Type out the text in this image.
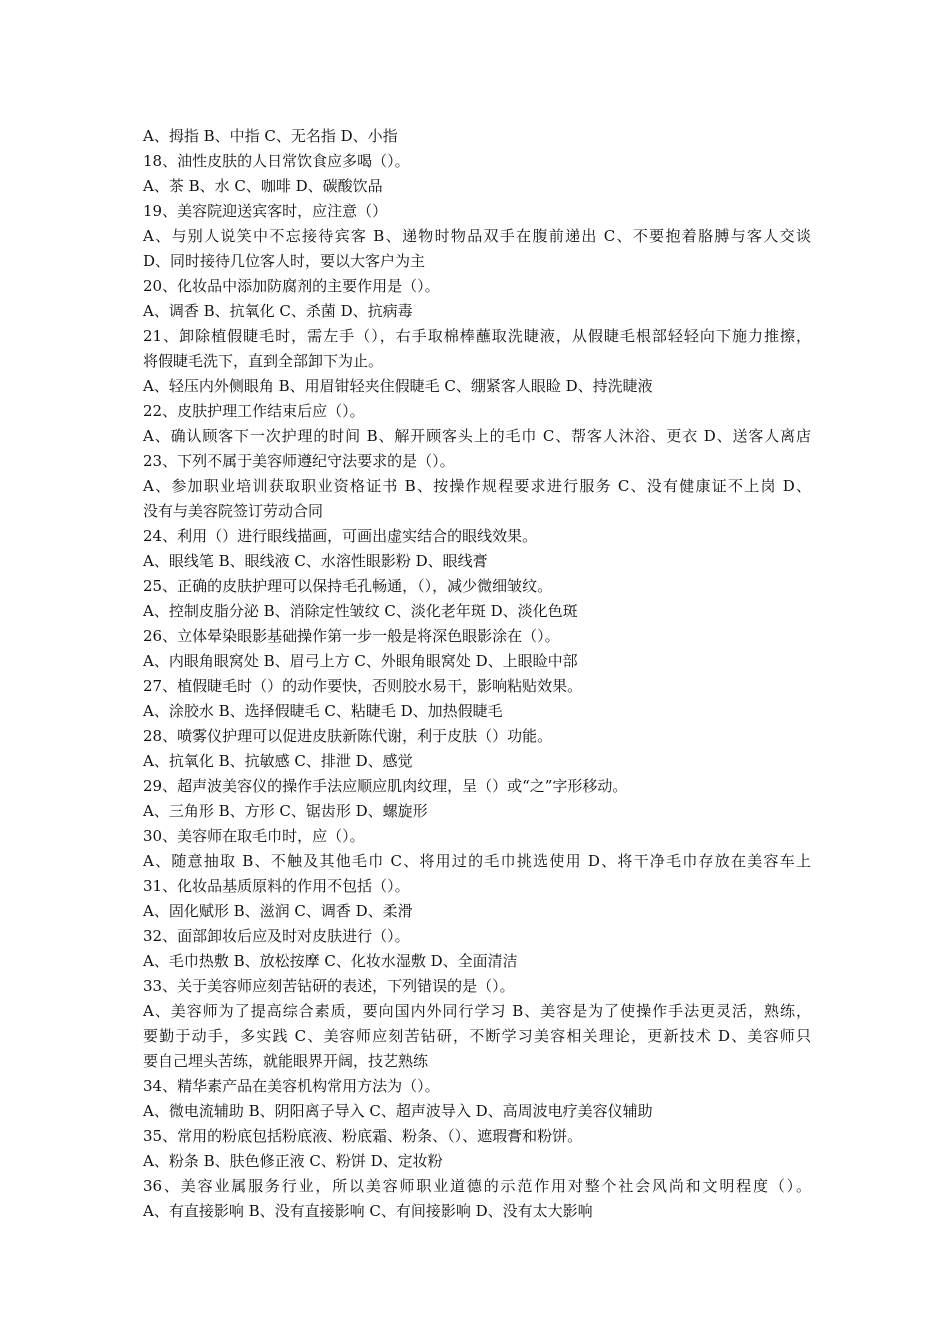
A、拇指 B、中指 C、无名指 D、小指
18、油性皮肤的人日常饮食应多喝（）。
A、茶 B、水 C、咖啡 D、碳酸饮品
19、美容院迎送宾客时，应注意（）
A、与别人说笑中不忘接待宾客 B、递物时物品双手在腹前递出 C、不要抱着胳膊与客人交谈
D、同时接待几位客人时，要以大客户为主
20、化妆品中添加防腐剂的主要作用是（）。
A、调香 B、抗氧化 C、杀菌 D、抗病毒
21、卸除植假睫毛时，需左手（），右手取棉棒蘸取洗睫液，从假睫毛根部轻轻向下施力推擦，
将假睫毛洗下，直到全部卸下为止。
A、轻压内外侧眼角 B、用眉钳轻夹住假睫毛 C、绷紧客人眼睑 D、持洗睫液
22、皮肤护理工作结束后应（）。
A、确认顾客下一次护理的时间 B、解开顾客头上的毛巾 C、帮客人沐浴、更衣 D、送客人离店
23、下列不属于美容师遵纪守法要求的是（）。
A、参加职业培训获取职业资格证书 B、按操作规程要求进行服务 C、没有健康证不上岗 D、
没有与美容院签订劳动合同
24、利用（）进行眼线描画，可画出虚实结合的眼线效果。
A、眼线笔 B、眼线液 C、水溶性眼影粉 D、眼线膏
25、正确的皮肤护理可以保持毛孔畅通，（），减少微细皱纹。
A、控制皮脂分泌 B、消除定性皱纹 C、淡化老年斑 D、淡化色斑
26、立体晕染眼影基础操作第一步一般是将深色眼影涂在（）。
A、内眼角眼窝处 B、眉弓上方 C、外眼角眼窝处 D、上眼睑中部
27、植假睫毛时（）的动作要快，否则胶水易干，影响粘贴效果。
A、涂胶水 B、选择假睫毛 C、粘睫毛 D、加热假睫毛
28、喷雾仪护理可以促进皮肤新陈代谢，利于皮肤（）功能。
A、抗氧化 B、抗敏感 C、排泄 D、感觉
29、超声波美容仪的操作手法应顺应肌肉纹理，呈（）或“之”字形移动。
A、三角形 B、方形 C、锯齿形 D、螺旋形
30、美容师在取毛巾时，应（）。
A、随意抽取 B、不触及其他毛巾 C、将用过的毛巾挑选使用 D、将干净毛巾存放在美容车上
31、化妆品基质原料的作用不包括（）。
A、固化赋形 B、滋润 C、调香 D、柔滑
32、面部卸妆后应及时对皮肤进行（）。
A、毛巾热敷 B、放松按摩 C、化妆水湿敷 D、全面清洁
33、关于美容师应刻苦钻研的表述，下列错误的是（）。
A、美容师为了提高综合素质，要向国内外同行学习 B、美容是为了使操作手法更灵活，熟练，
要勤于动手，多实践 C、美容师应刻苦钻研，不断学习美容相关理论，更新技术 D、美容师只
要自己埋头苦练，就能眼界开阔，技艺熟练
34、精华素产品在美容机构常用方法为（）。
A、微电流辅助 B、阴阳离子导入 C、超声波导入 D、高周波电疗美容仪辅助
35、常用的粉底包括粉底液、粉底霜、粉条、（）、遮瑕膏和粉饼。
A、粉条 B、肤色修正液 C、粉饼 D、定妆粉
36、美容业属服务行业，所以美容师职业道德的示范作用对整个社会风尚和文明程度（）。
A、有直接影响 B、没有直接影响 C、有间接影响 D、没有太大影响
